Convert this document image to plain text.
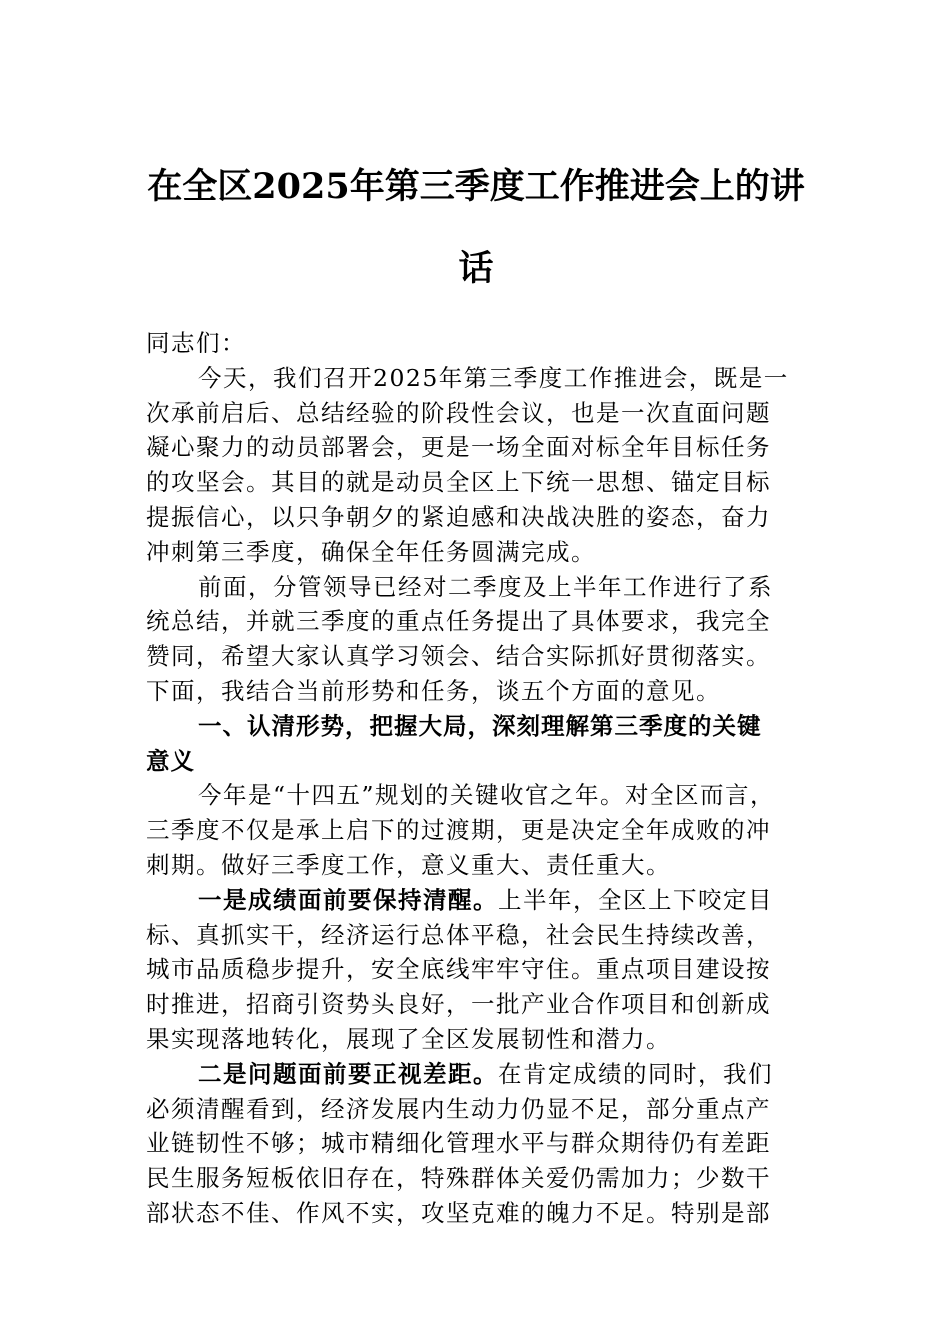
在全区2025年第三季度工作推进会上的讲
话
同志们：
今天，我们召开2025年第三季度工作推进会，既是一
次承前启后、总结经验的阶段性会议，也是一次直面问题
凝心聚力的动员部署会，更是一场全面对标全年目标任务
的攻坚会。其目的就是动员全区上下统一思想、锚定目标
提振信心，以只争朝夕的紧迫感和决战决胜的姿态，奋力
冲刺第三季度，确保全年任务圆满完成。
前面，分管领导已经对二季度及上半年工作进行了系
统总结，并就三季度的重点任务提出了具体要求，我完全
赞同，希望大家认真学习领会、结合实际抓好贯彻落实。
下面，我结合当前形势和任务，谈五个方面的意见。
一、认清形势，把握大局，深刻理解第三季度的关键
意义
今年是“十四五”规划的关键收官之年。对全区而言，
三季度不仅是承上启下的过渡期，更是决定全年成败的冲
刺期。做好三季度工作，意义重大、责任重大。
一是成绩面前要保持清醒。上半年，全区上下咬定目
标、真抓实干，经济运行总体平稳，社会民生持续改善，
城市品质稳步提升，安全底线牢牢守住。重点项目建设按
时推进，招商引资势头良好，一批产业合作项目和创新成
果实现落地转化，展现了全区发展韧性和潜力。
二是问题面前要正视差距。在肯定成绩的同时，我们
必须清醒看到，经济发展内生动力仍显不足，部分重点产
业链韧性不够；城市精细化管理水平与群众期待仍有差距
民生服务短板依旧存在，特殊群体关爱仍需加力；少数干
部状态不佳、作风不实，攻坚克难的魄力不足。特别是部
